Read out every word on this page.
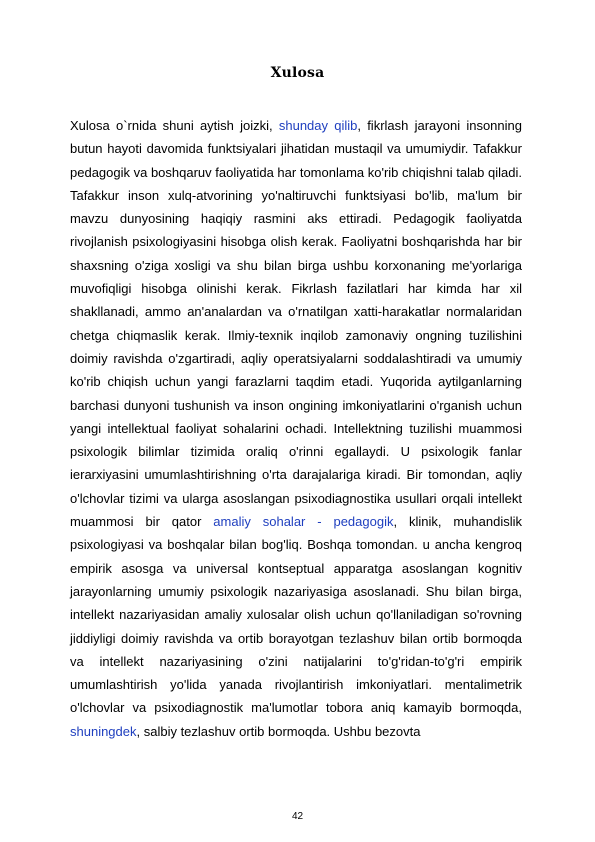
Xulosa

Xulosa o`rnida shuni aytish joizki, shunday qilib, fikrlash jarayoni insonning butun hayoti davomida funktsiyalari jihatidan mustaqil va umumiydir. Tafakkur pedagogik va boshqaruv faoliyatida har tomonlama ko'rib chiqishni talab qiladi. Tafakkur inson xulq-atvorining yo'naltiruvchi funktsiyasi bo'lib, ma'lum bir mavzu dunyosining haqiqiy rasmini aks ettiradi. Pedagogik faoliyatda rivojlanish psixologiyasini hisobga olish kerak. Faoliyatni boshqarishda har bir shaxsning o'ziga xosligi va shu bilan birga ushbu korxonaning me'yorlariga muvofiqligi hisobga olinishi kerak. Fikrlash fazilatlari har kimda har xil shakllanadi, ammo an'analardan va o'rnatilgan xatti-harakatlar normalaridan chetga chiqmaslik kerak. Ilmiy-texnik inqilob zamonaviy ongning tuzilishini doimiy ravishda o'zgartiradi, aqliy operatsiyalarni soddalashtiradi va umumiy ko'rib chiqish uchun yangi farazlarni taqdim etadi. Yuqorida aytilganlarning barchasi dunyoni tushunish va inson ongining imkoniyatlarini o'rganish uchun yangi intellektual faoliyat sohalarini ochadi. Intellektning tuzilishi muammosi psixologik bilimlar tizimida oraliq o'rinni egallaydi. U psixologik fanlar ierarxiyasini umumlashtirishning o'rta darajalariga kiradi. Bir tomondan, aqliy o'lchovlar tizimi va ularga asoslangan psixodiagnostika usullari orqali intellekt muammosi bir qator amaliy sohalar - pedagogik, klinik, muhandislik psixologiyasi va boshqalar bilan bog'liq. Boshqa tomondan. u ancha kengroq empirik asosga va universal kontseptual apparatga asoslangan kognitiv jarayonlarning umumiy psixologik nazariyasiga asoslanadi. Shu bilan birga, intellekt nazariyasidan amaliy xulosalar olish uchun qo'llaniladigan so'rovning jiddiyligi doimiy ravishda va ortib borayotgan tezlashuv bilan ortib bormoqda va intellekt nazariyasining o'zini natijalarini to'g'ridan-to'g'ri empirik umumlashtirish yo'lida yanada rivojlantirish imkoniyatlari. mentalimetrik o'lchovlar va psixodiagnostik ma'lumotlar tobora aniq kamayib bormoqda, shuningdek, salbiy tezlashuv ortib bormoqda. Ushbu bezovta

42
